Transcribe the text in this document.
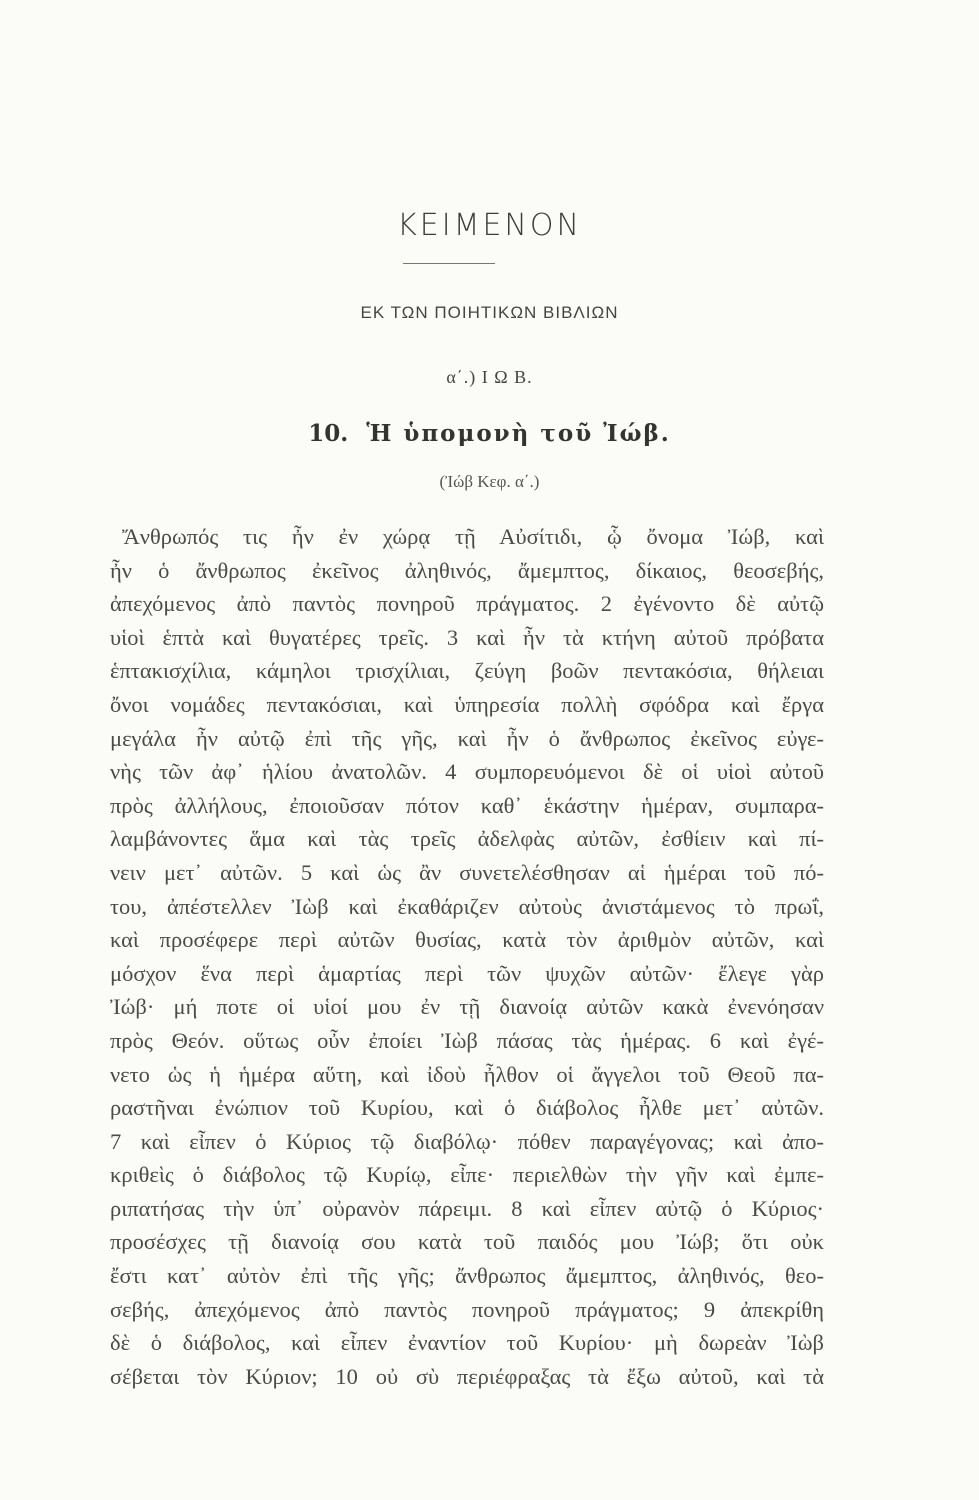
ΚΕΙΜΕΝΟΝ
ΕΚ ΤΩΝ ΠΟΙΗΤΙΚΩΝ ΒΙΒΛΙΩΝ
α΄.) Ι Ω Β.
10. Ἡ ὑπομονὴ τοῦ Ἰώβ.
(Ἰώβ Κεφ. α΄.)
Ἄνθρωπός τις ἦν ἐν χώρᾳ τῇ Αὐσίτιδι, ᾧ ὄνομα Ἰώβ, καὶ
ἦν ὁ ἄνθρωπος ἐκεῖνος ἀληθινός, ἄμεμπτος, δίκαιος, θεοσεβής,
ἀπεχόμενος ἀπὸ παντὸς πονηροῦ πράγματος. 2 ἐγένοντο δὲ αὐτῷ
υἱοὶ ἑπτὰ καὶ θυγατέρες τρεῖς. 3 καὶ ἦν τὰ κτήνη αὐτοῦ πρόβατα
ἑπτακισχίλια, κάμηλοι τρισχίλιαι, ζεύγη βοῶν πεντακόσια, θήλειαι
ὄνοι νομάδες πεντακόσιαι, καὶ ὑπηρεσία πολλὴ σφόδρα καὶ ἔργα
μεγάλα ἦν αὐτῷ ἐπὶ τῆς γῆς, καὶ ἦν ὁ ἄνθρωπος ἐκεῖνος εὐγε-
νὴς τῶν ἀφ᾽ ἡλίου ἀνατολῶν. 4 συμπορευόμενοι δὲ οἱ υἱοὶ αὐτοῦ
πρὸς ἀλλήλους, ἐποιοῦσαν πότον καθ᾽ ἑκάστην ἡμέραν, συμπαρα-
λαμβάνοντες ἅμα καὶ τὰς τρεῖς ἀδελφὰς αὐτῶν, ἐσθίειν καὶ πί-
νειν μετ᾽ αὐτῶν. 5 καὶ ὡς ἂν συνετελέσθησαν αἱ ἡμέραι τοῦ πό-
του, ἀπέστελλεν Ἰὼβ καὶ ἐκαθάριζεν αὐτοὺς ἀνιστάμενος τὸ πρωΐ,
καὶ προσέφερε περὶ αὐτῶν θυσίας, κατὰ τὸν ἀριθμὸν αὐτῶν, καὶ
μόσχον ἕνα περὶ ἁμαρτίας περὶ τῶν ψυχῶν αὐτῶν· ἔλεγε γὰρ
Ἰώβ· μή ποτε οἱ υἱοί μου ἐν τῇ διανοίᾳ αὐτῶν κακὰ ἐνενόησαν
πρὸς Θεόν. οὕτως οὖν ἐποίει Ἰὼβ πάσας τὰς ἡμέρας. 6 καὶ ἐγέ-
νετο ὡς ἡ ἡμέρα αὕτη, καὶ ἰδοὺ ἦλθον οἱ ἄγγελοι τοῦ Θεοῦ πα-
ραστῆναι ἐνώπιον τοῦ Κυρίου, καὶ ὁ διάβολος ἦλθε μετ᾽ αὐτῶν.
7 καὶ εἶπεν ὁ Κύριος τῷ διαβόλῳ· πόθεν παραγέγονας; καὶ ἀπο-
κριθεὶς ὁ διάβολος τῷ Κυρίῳ, εἶπε· περιελθὼν τὴν γῆν καὶ ἐμπε-
ριπατήσας τὴν ὑπ᾽ οὐρανὸν πάρειμι. 8 καὶ εἶπεν αὐτῷ ὁ Κύριος·
προσέσχες τῇ διανοίᾳ σου κατὰ τοῦ παιδός μου Ἰώβ; ὅτι οὐκ
ἔστι κατ᾽ αὐτὸν ἐπὶ τῆς γῆς; ἄνθρωπος ἄμεμπτος, ἀληθινός, θεο-
σεβής, ἀπεχόμενος ἀπὸ παντὸς πονηροῦ πράγματος; 9 ἀπεκρίθη
δὲ ὁ διάβολος, καὶ εἶπεν ἐναντίον τοῦ Κυρίου· μὴ δωρεὰν Ἰὼβ
σέβεται τὸν Κύριον; 10 οὐ σὺ περιέφραξας τὰ ἔξω αὐτοῦ, καὶ τὰ
